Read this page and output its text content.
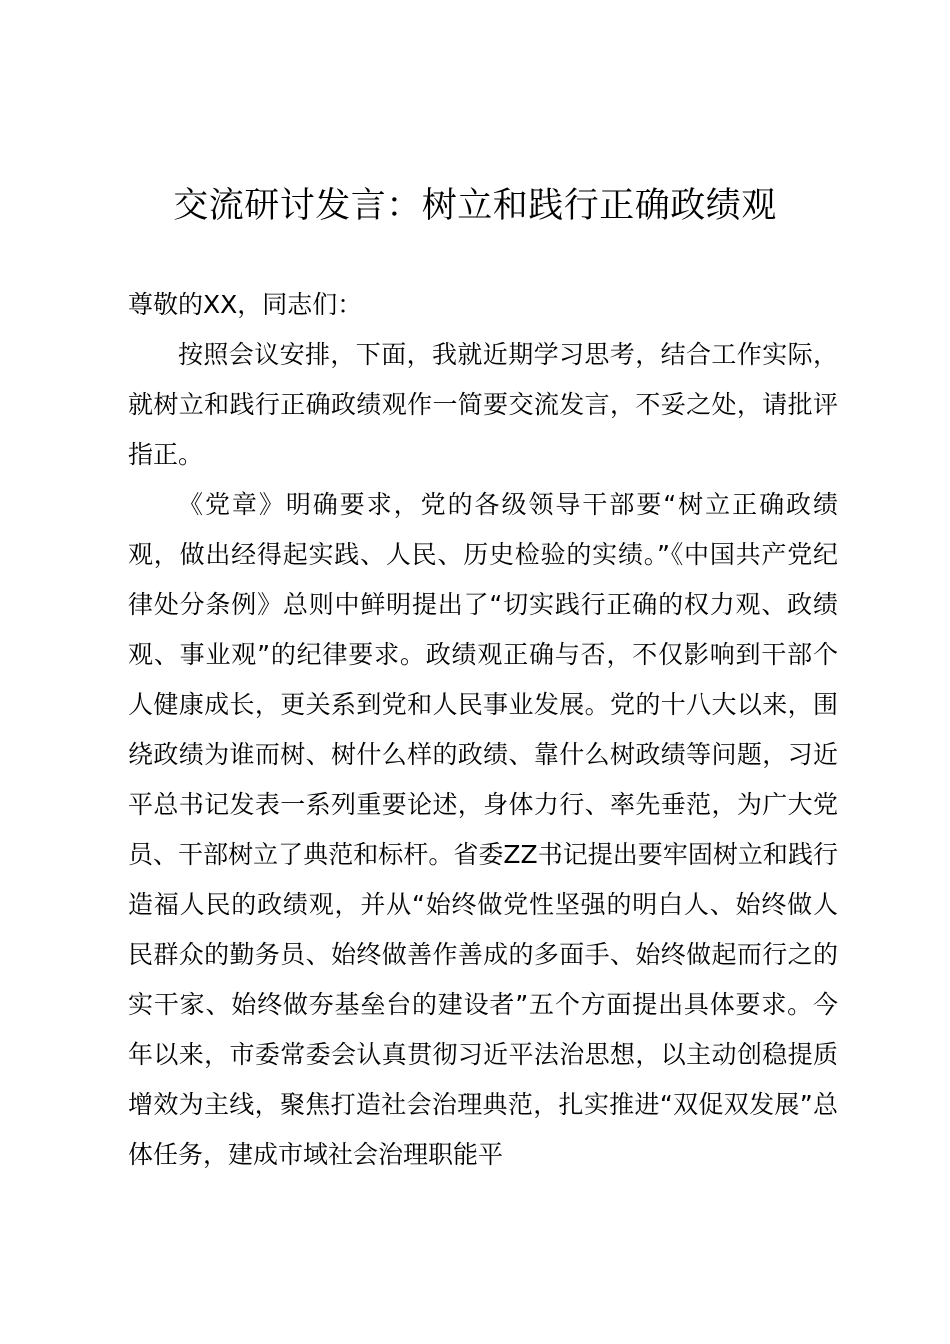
交流研讨发言：树立和践行正确政绩观
尊敬的XX，同志们：
按照会议安排，下面，我就近期学习思考，结合工作实际，就树立和践行正确政绩观作一简要交流发言，不妥之处，请批评指正。
《党章》明确要求，党的各级领导干部要“树立正确政绩观，做出经得起实践、人民、历史检验的实绩。”《中国共产党纪律处分条例》总则中鲜明提出了“切实践行正确的权力观、政绩观、事业观”的纪律要求。政绩观正确与否，不仅影响到干部个人健康成长，更关系到党和人民事业发展。党的十八大以来，围绕政绩为谁而树、树什么样的政绩、靠什么树政绩等问题，习近平总书记发表一系列重要论述，身体力行、率先垂范，为广大党员、干部树立了典范和标杆。省委ZZ书记提出要牢固树立和践行造福人民的政绩观，并从“始终做党性坚强的明白人、始终做人民群众的勤务员、始终做善作善成的多面手、始终做起而行之的实干家、始终做夯基垒台的建设者”五个方面提出具体要求。今年以来，市委常委会认真贯彻习近平法治思想，以主动创稳提质增效为主线，聚焦打造社会治理典范，扎实推进“双促双发展”总体任务，建成市域社会治理职能平
